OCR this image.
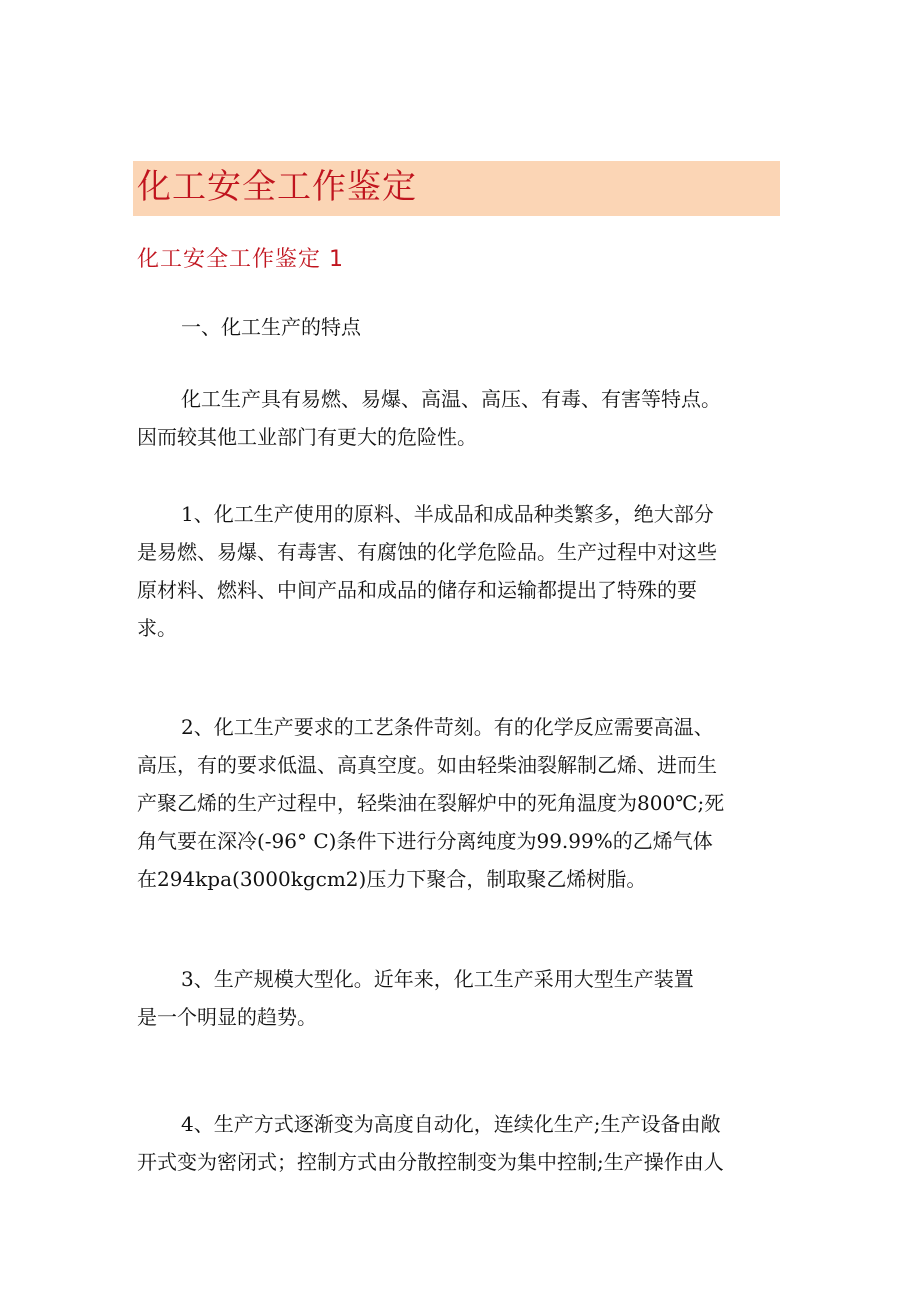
化工安全工作鉴定
化工安全工作鉴定 1

一、化工生产的特点

化工生产具有易燃、易爆、高温、高压、有毒、有害等特点。
因而较其他工业部门有更大的危险性。

1、化工生产使用的原料、半成品和成品种类繁多，绝大部分
是易燃、易爆、有毒害、有腐蚀的化学危险品。生产过程中对这些
原材料、燃料、中间产品和成品的储存和运输都提出了特殊的要
求。

2、化工生产要求的工艺条件苛刻。有的化学反应需要高温、
高压，有的要求低温、高真空度。如由轻柴油裂解制乙烯、进而生
产聚乙烯的生产过程中，轻柴油在裂解炉中的死角温度为800℃;死
角气要在深冷(-96° C)条件下进行分离纯度为99.99%的乙烯气体
在294kpa(3000kgcm2)压力下聚合，制取聚乙烯树脂。

3、生产规模大型化。近年来，化工生产采用大型生产装置
是一个明显的趋势。

4、生产方式逐渐变为高度自动化，连续化生产;生产设备由敞
开式变为密闭式；控制方式由分散控制变为集中控制;生产操作由人
